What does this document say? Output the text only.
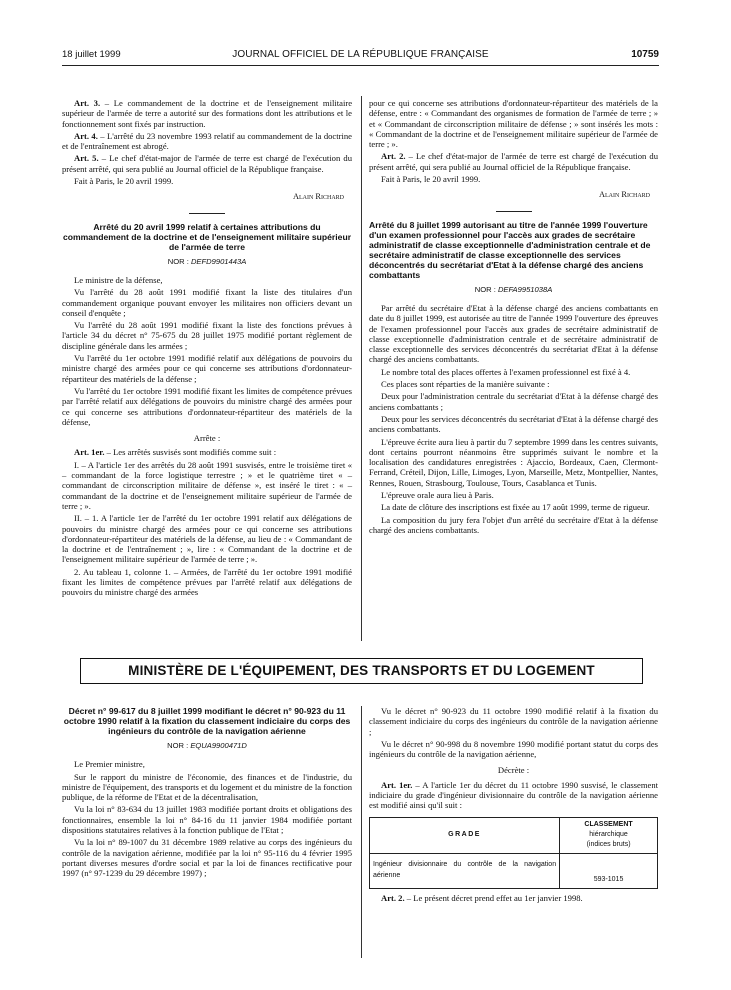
18 juillet 1999	JOURNAL OFFICIEL DE LA RÉPUBLIQUE FRANÇAISE	10759

Art. 3. – Le commandement de la doctrine et de l'enseignement militaire supérieur de l'armée de terre a autorité sur des formations dont les attributions et le fonctionnement sont fixés par instruction.

Art. 4. – L'arrêté du 23 novembre 1993 relatif au commandement de la doctrine et de l'entraînement est abrogé.

Art. 5. – Le chef d'état-major de l'armée de terre est chargé de l'exécution du présent arrêté, qui sera publié au Journal officiel de la République française.

Fait à Paris, le 20 avril 1999.

Alain Richard
Arrêté du 20 avril 1999 relatif à certaines attributions du commandement de la doctrine et de l'enseignement militaire supérieur de l'armée de terre
NOR : DEFD9901443A

Le ministre de la défense,

Vu l'arrêté du 28 août 1991 modifié fixant la liste des titulaires d'un commandement organique pouvant envoyer les militaires non officiers devant un conseil d'enquête ;

Vu l'arrêté du 28 août 1991 modifié fixant la liste des fonctions prévues à l'article 34 du décret n° 75-675 du 28 juillet 1975 modifié portant règlement de discipline générale dans les armées ;

Vu l'arrêté du 1er octobre 1991 modifié relatif aux délégations de pouvoirs du ministre chargé des armées pour ce qui concerne ses attributions d'ordonnateur-répartiteur des matériels de la défense ;

Vu l'arrêté du 1er octobre 1991 modifié fixant les limites de compétence prévues par l'arrêté relatif aux délégations de pouvoirs du ministre chargé des armées pour ce qui concerne ses attributions d'ordonnateur-répartiteur des matériels de la défense,

Arrête :

Art. 1er. – Les arrêtés susvisés sont modifiés comme suit :

I. – A l'article 1er des arrêtés du 28 août 1991 susvisés, entre le troisième tiret « – commandant de la force logistique terrestre ; » et le quatrième tiret « – commandant de circonscription militaire de défense », est inséré le tiret : « – commandant de la doctrine et de l'enseignement militaire supérieur de l'armée de terre ; ».

II. – 1. A l'article 1er de l'arrêté du 1er octobre 1991 relatif aux délégations de pouvoirs du ministre chargé des armées pour ce qui concerne ses attributions d'ordonnateur-répartiteur des matériels de la défense, au lieu de : « Commandant de la doctrine et de l'entraînement ; », lire : « Commandant de la doctrine et de l'enseignement militaire supérieur de l'armée de terre ; ».

2. Au tableau 1, colonne 1. – Armées, de l'arrêté du 1er octobre 1991 modifié fixant les limites de compétence prévues par l'arrêté relatif aux délégations de pouvoirs du ministre chargé des armées

pour ce qui concerne ses attributions d'ordonnateur-répartiteur des matériels de la défense, entre : « Commandant des organismes de formation de l'armée de terre ; » et « Commandant de circonscription militaire de défense ; » sont insérés les mots : « Commandant de la doctrine et de l'enseignement militaire supérieur de l'armée de terre ; ».

Art. 2. – Le chef d'état-major de l'armée de terre est chargé de l'exécution du présent arrêté, qui sera publié au Journal officiel de la République française.

Fait à Paris, le 20 avril 1999.

Alain Richard
Arrêté du 8 juillet 1999 autorisant au titre de l'année 1999 l'ouverture d'un examen professionnel pour l'accès aux grades de secrétaire administratif de classe exceptionnelle d'administration centrale et de secrétaire administratif de classe exceptionnelle des services déconcentrés du secrétariat d'Etat à la défense chargé des anciens combattants
NOR : DEFA9951038A

Par arrêté du secrétaire d'Etat à la défense chargé des anciens combattants en date du 8 juillet 1999, est autorisée au titre de l'année 1999 l'ouverture des épreuves de l'examen professionnel pour l'accès aux grades de secrétaire administratif de classe exceptionnelle d'administration centrale et de secrétaire administratif de classe exceptionnelle des services déconcentrés du secrétariat d'Etat à la défense chargé des anciens combattants.

Le nombre total des places offertes à l'examen professionnel est fixé à 4.

Ces places sont réparties de la manière suivante :

Deux pour l'administration centrale du secrétariat d'Etat à la défense chargé des anciens combattants ;

Deux pour les services déconcentrés du secrétariat d'Etat à la défense chargé des anciens combattants.

L'épreuve écrite aura lieu à partir du 7 septembre 1999 dans les centres suivants, dont certains pourront néanmoins être supprimés suivant le nombre et la localisation des candidatures enregistrées : Ajaccio, Bordeaux, Caen, Clermont-Ferrand, Créteil, Dijon, Lille, Limoges, Lyon, Marseille, Metz, Montpellier, Nantes, Rennes, Rouen, Strasbourg, Toulouse, Tours, Casablanca et Tunis.

L'épreuve orale aura lieu à Paris.

La date de clôture des inscriptions est fixée au 17 août 1999, terme de rigueur.

La composition du jury fera l'objet d'un arrêté du secrétaire d'Etat à la défense chargé des anciens combattants.

MINISTÈRE DE L'ÉQUIPEMENT, DES TRANSPORTS ET DU LOGEMENT
Décret n° 99-617 du 8 juillet 1999 modifiant le décret n° 90-923 du 11 octobre 1990 relatif à la fixation du classement indiciaire du corps des ingénieurs du contrôle de la navigation aérienne
NOR : EQUA9900471D

Le Premier ministre,

Sur le rapport du ministre de l'économie, des finances et de l'industrie, du ministre de l'équipement, des transports et du logement et du ministre de la fonction publique, de la réforme de l'Etat et de la décentralisation,

Vu la loi n° 83-634 du 13 juillet 1983 modifiée portant droits et obligations des fonctionnaires, ensemble la loi n° 84-16 du 11 janvier 1984 modifiée portant dispositions statutaires relatives à la fonction publique de l'Etat ;

Vu la loi n° 89-1007 du 31 décembre 1989 relative au corps des ingénieurs du contrôle de la navigation aérienne, modifiée par la loi n° 95-116 du 4 février 1995 portant diverses mesures d'ordre social et par la loi de finances rectificative pour 1997 (n° 97-1239 du 29 décembre 1997) ;

Vu le décret n° 90-923 du 11 octobre 1990 modifié relatif à la fixation du classement indiciaire du corps des ingénieurs du contrôle de la navigation aérienne ;

Vu le décret n° 90-998 du 8 novembre 1990 modifié portant statut du corps des ingénieurs du contrôle de la navigation aérienne,

Décrète :

Art. 1er. – A l'article 1er du décret du 11 octobre 1990 susvisé, le classement indiciaire du grade d'ingénieur divisionnaire du contrôle de la navigation aérienne est modifié ainsi qu'il suit :

GRADE	CLASSEMENT
hiérarchique
(indices bruts)

Ingénieur divisionnaire du contrôle de la navigation aérienne	593-1015

Art. 2. – Le présent décret prend effet au 1er janvier 1998.
